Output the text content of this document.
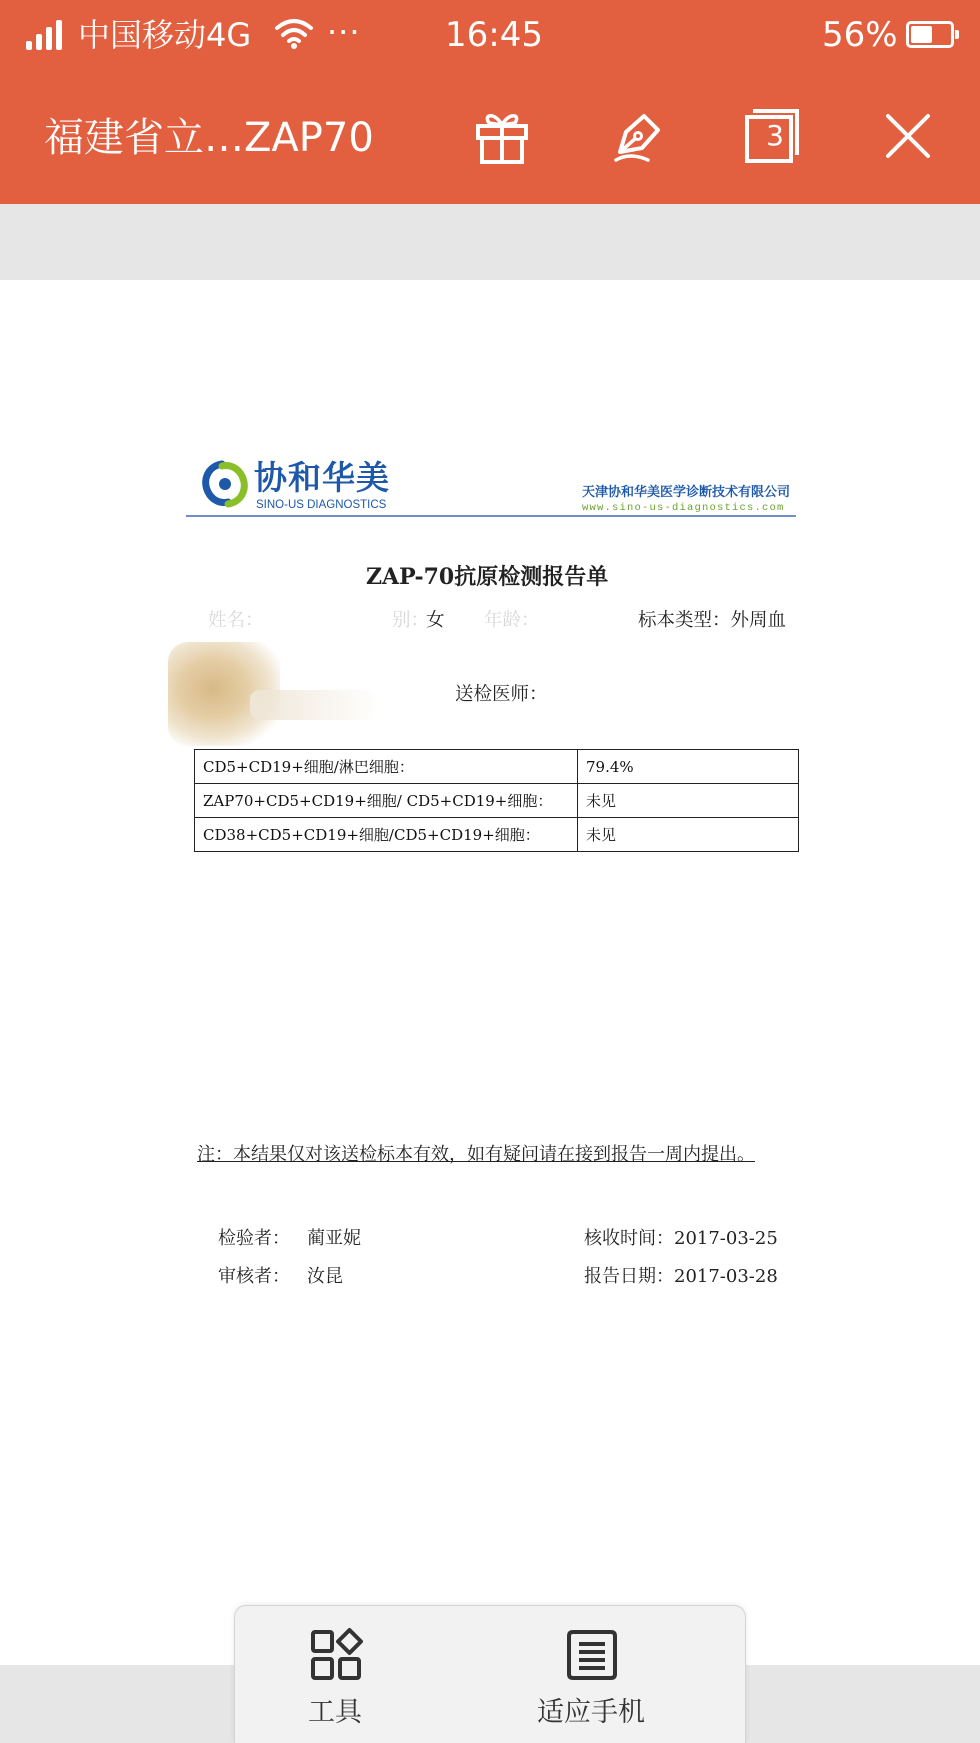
中国移动4G ··· 16:45	56%
福建省立…ZAP70	3
协和华美
SINO-US DIAGNOSTICS
天津协和华美医学诊断技术有限公司
www.sino-us-diagnostics.com
ZAP-70抗原检测报告单
姓名：	别：
女 年龄：	标本类型：外周血
送检医师：
CD5+CD19+细胞/淋巴细胞：	79.4%
ZAP70+CD5+CD19+细胞/ CD5+CD19+细胞：	未见
CD38+CD5+CD19+细胞/CD5+CD19+细胞：	未见
注：本结果仅对该送检标本有效，如有疑问请在接到报告一周内提出。
检验者： 蔺亚妮
审核者： 汝昆
核收时间：2017-03-25
报告日期：2017-03-28
工具	适应手机
